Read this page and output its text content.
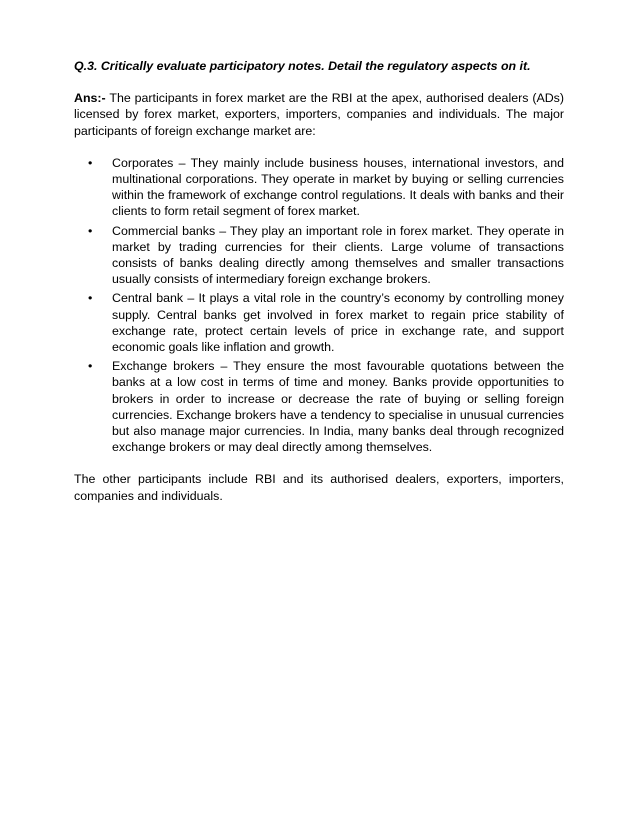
Q.3. Critically evaluate participatory notes. Detail the regulatory aspects on it.

Ans:- The participants in forex market are the RBI at the apex, authorised dealers (ADs) licensed by forex market, exporters, importers, companies and individuals. The major participants of foreign exchange market are:

• Corporates – They mainly include business houses, international investors, and multinational corporations. They operate in market by buying or selling currencies within the framework of exchange control regulations. It deals with banks and their clients to form retail segment of forex market.
• Commercial banks – They play an important role in forex market. They operate in market by trading currencies for their clients. Large volume of transactions consists of banks dealing directly among themselves and smaller transactions usually consists of intermediary foreign exchange brokers.
• Central bank – It plays a vital role in the country’s economy by controlling money supply. Central banks get involved in forex market to regain price stability of exchange rate, protect certain levels of price in exchange rate, and support economic goals like inflation and growth.
• Exchange brokers – They ensure the most favourable quotations between the banks at a low cost in terms of time and money. Banks provide opportunities to brokers in order to increase or decrease the rate of buying or selling foreign currencies. Exchange brokers have a tendency to specialise in unusual currencies but also manage major currencies. In India, many banks deal through recognized exchange brokers or may deal directly among themselves.

The other participants include RBI and its authorised dealers, exporters, importers, companies and individuals.
